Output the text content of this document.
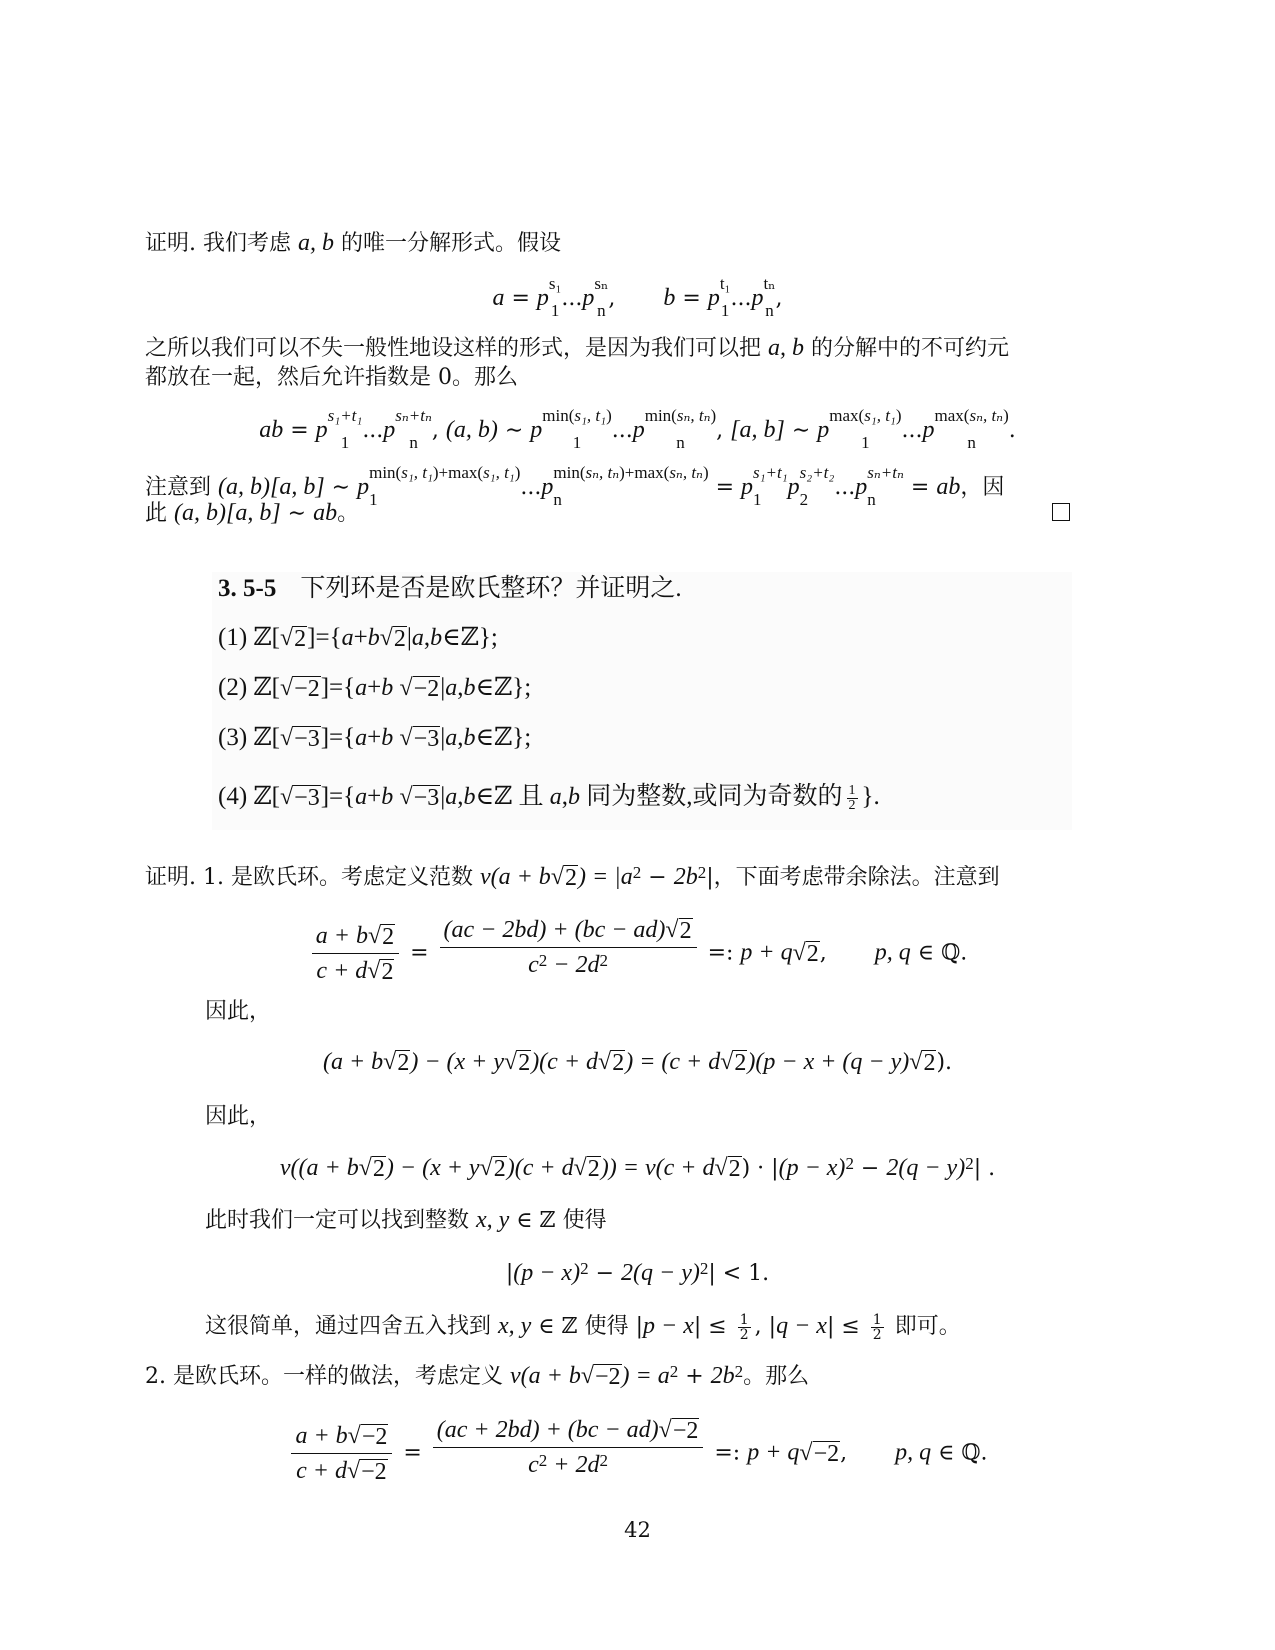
证明. 我们考虑 a, b 的唯一分解形式。假设
a = p
s₁
1 ... p
sₙ
n , b = p
t₁
1 ... p
tₙ
n ,
之所以我们可以不失一般性地设这样的形式，是因为我们可以把 a, b 的分解中的不可约元
都放在一起，然后允许指数是 0。那么
ab = p
s₁+t₁
1 ... p
sₙ+tₙ
n , (a, b) ∼ p
min(s₁, t₁)
1	... p
min(sₙ, tₙ)
n	, [a, b] ∼ p
max(s₁, t₁)
1	... p
max(sₙ, tₙ)
n	.
注意到 (a, b)[a, b] ∼ p
min(s₁, t₁)+max(s₁, t₁)
1	... p
min(sₙ, tₙ)+max(sₙ, tₙ)
n	= p
s₁+t₁
1	p
s₂+t₂
2	... p
sₙ+tₙ
n	= ab，因
此 (a, b)[a, b] ∼ ab。
证明. 1. 是欧氏环。考虑定义范数 v(a + b √ 2 ) = |a 2
− 2b 2
|，下面考虑带余除法。注意到
$\frac{a + b √ 2}{c + d √ 2} = (ac - 2bd) + (bc - ad)$ √ 2
c 2
− 2d 2
=: p + q √ 2 , p, q ∈ ℚ.
因此，
(a + b √ 2 ) − (x + y √ 2 )(c + d √ 2 ) = (c + d √ 2 )(p − x + (q − y) √ 2 ).
因此，
v((a + b √ 2 ) − (x + y √ 2 )(c + d √ 2 )) = v(c + d √ 2 ) · |(p − x) 2
− 2(q − y) 2
| .
此时我们一定可以找到整数 x, y ∈ ℤ 使得
|(p − x) 2
− 2(q − y) 2
| < 1.
这很简单，通过四舍五入找到 x, y ∈ ℤ 使得 $|p - x| \le \frac{1}{2}$ , $|q - x| \le \frac{1}{2}$ 即可。
2. 是欧氏环。一样的做法，考虑定义 v(a + b √ −2 ) = a 2
+ 2b 2
。那么
$\frac{a + b √ -2}{c + d √ -2} = (ac + 2bd) + (bc - ad)$ √ −2
c 2
+ 2d 2
=: p + q √ −2 , p, q ∈ ℚ.
3. 5-5 下列环是否是欧氏整环？并证明之.
(1) ℤ[ √ 2 ]={a+b √ 2 |a,b∈ℤ};
(2) ℤ[ √ −2 ]={a+b √ −2 |a,b∈ℤ};
(3) ℤ[ √ −3 ]={a+b √ −3 |a,b∈ℤ};
(4) ℤ[ √ −3 ]={a+b √ −3 |a,b∈ℤ 且 a,b 同为整数,或同为奇数的 $\frac{1}{2}$ }.
42
